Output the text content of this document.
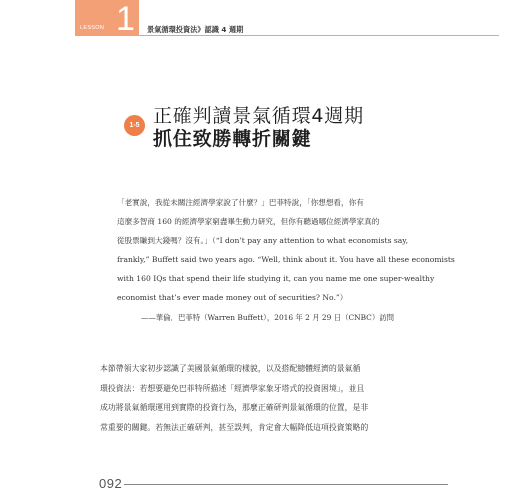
LESSON 1 景氣循環投資法》認識 4 週期
1-5 正確判讀景氣循環4週期
抓住致勝轉折關鍵
「老實說，我從未關注經濟學家說了什麼？」巴菲特說，「你想想看，你有
這麼多智商 160 的經濟學家窮盡畢生動力研究，但你有聽過哪位經濟學家真的
從股票賺到大錢嗎？沒有。」（“I don’t pay any attention to what economists say,
frankly,” Buffett said two years ago. “Well, think about it. You have all these economists
with 160 IQs that spend their life studying it, can you name me one super-wealthy
economist that’s ever made money out of securities? No.”）
——華倫．巴菲特（Warren Buffett），2016 年 2 月 29 日（CNBC）訪問
本節帶領大家初步認識了美國景氣循環的樣貌，以及搭配總體經濟的景氣循
環投資法：若想要避免巴菲特所描述「經濟學家象牙塔式的投資困境」，並且
成功將景氣循環運用到實際的投資行為，那麼正確研判景氣循環的位置，是非
常重要的關鍵。若無法正確研判，甚至誤判，肯定會大幅降低這項投資策略的
092
